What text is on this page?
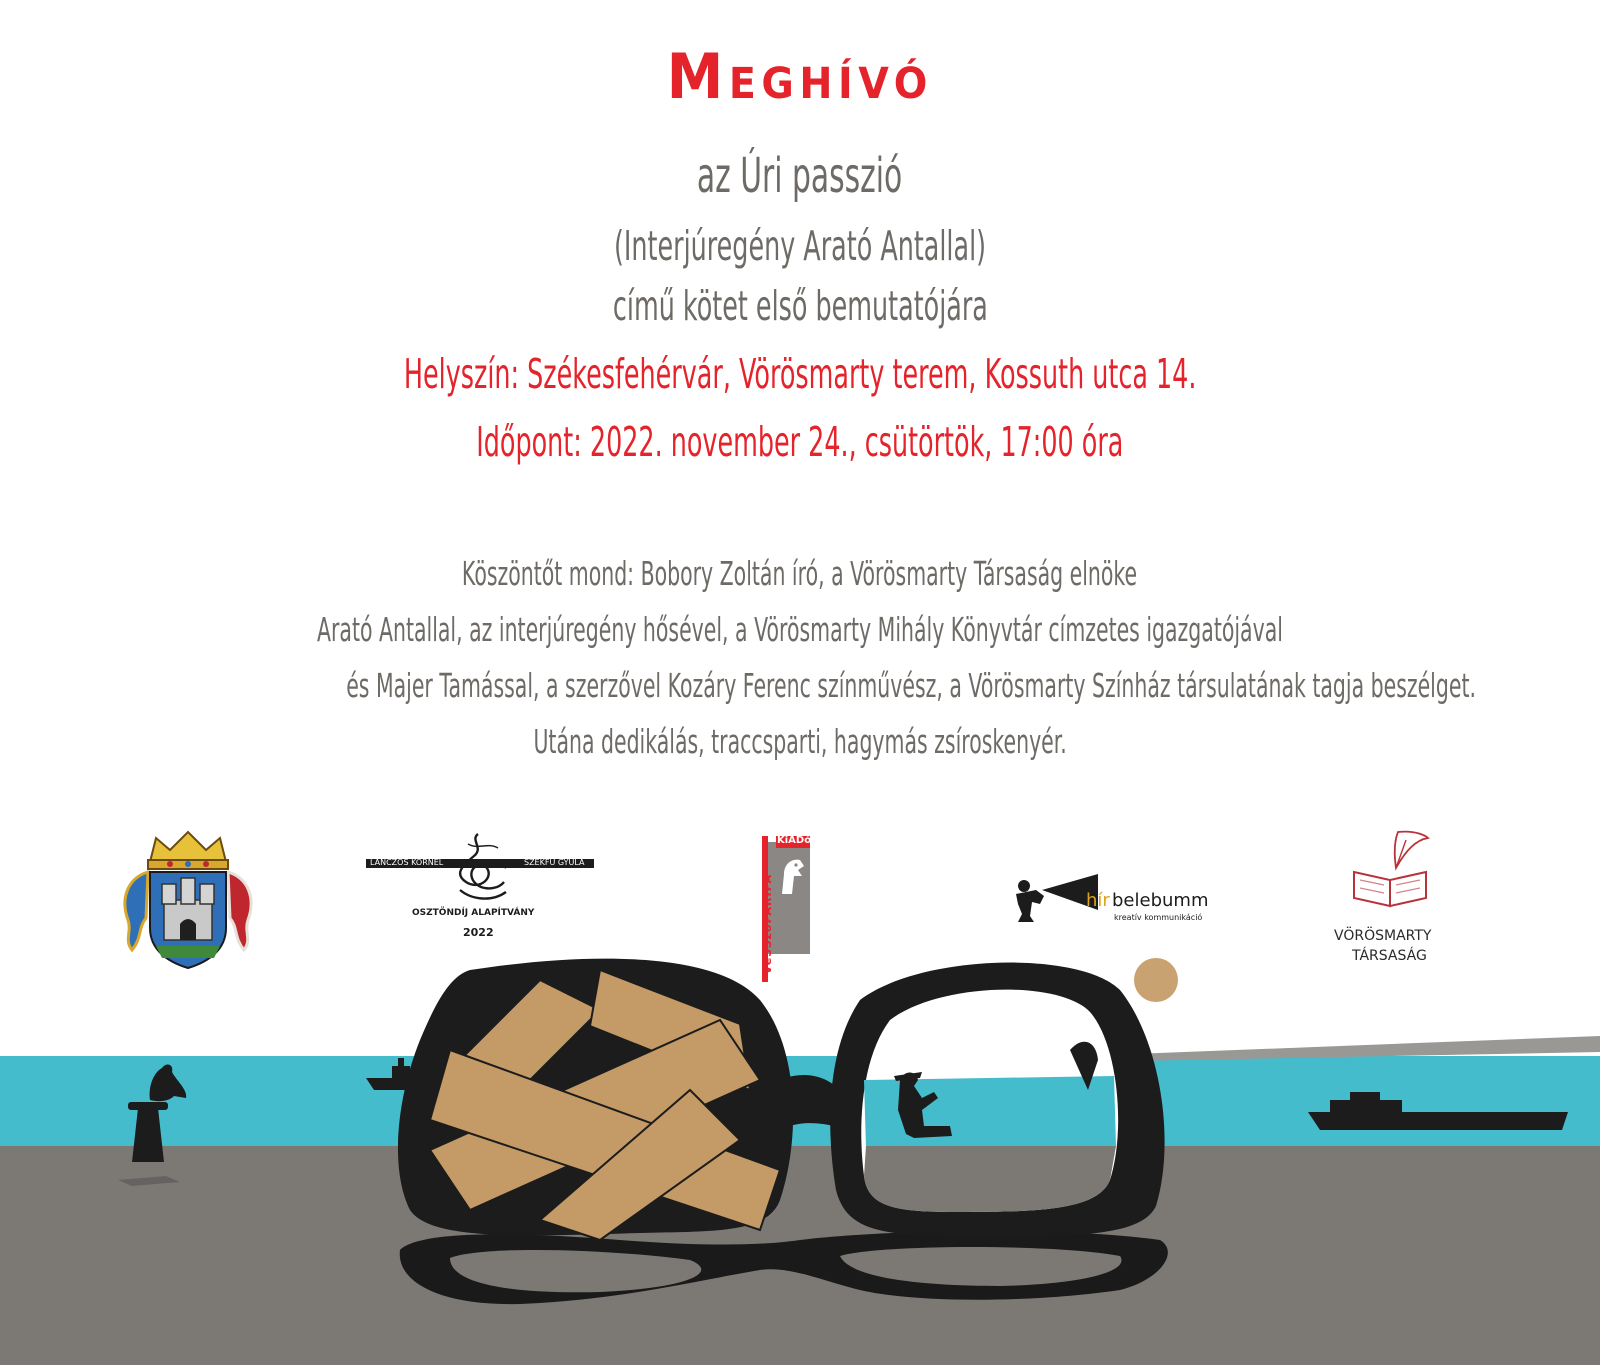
Meghívó
az Úri passzió
(Interjúregény Arató Antallal)
című kötet első bemutatójára
Helyszín: Székesfehérvár, Vörösmarty terem, Kossuth utca 14.
Időpont: 2022. november 24., csütörtök, 17:00 óra
Köszöntőt mond: Bobory Zoltán író, a Vörösmarty Társaság elnöke
Arató Antallal, az interjúregény hősével, a Vörösmarty Mihály Könyvtár címzetes igazgatójával
és Majer Tamással, a szerzővel Kozáry Ferenc színművész, a Vörösmarty Színház társulatának tagja beszélget.
Utána dedikálás, traccsparti, hagymás zsíroskenyér.
LÁNCZOS KORNÉL	SZÉKFŰ GYULA
OSZTÖNDÍJ ALAPÍTVÁNY
2022	VeSSzőPARIPA
KiADó
hír belebumm
kreatív kommunikáció
VÖRÖSMARTY
TÁRSASÁG
